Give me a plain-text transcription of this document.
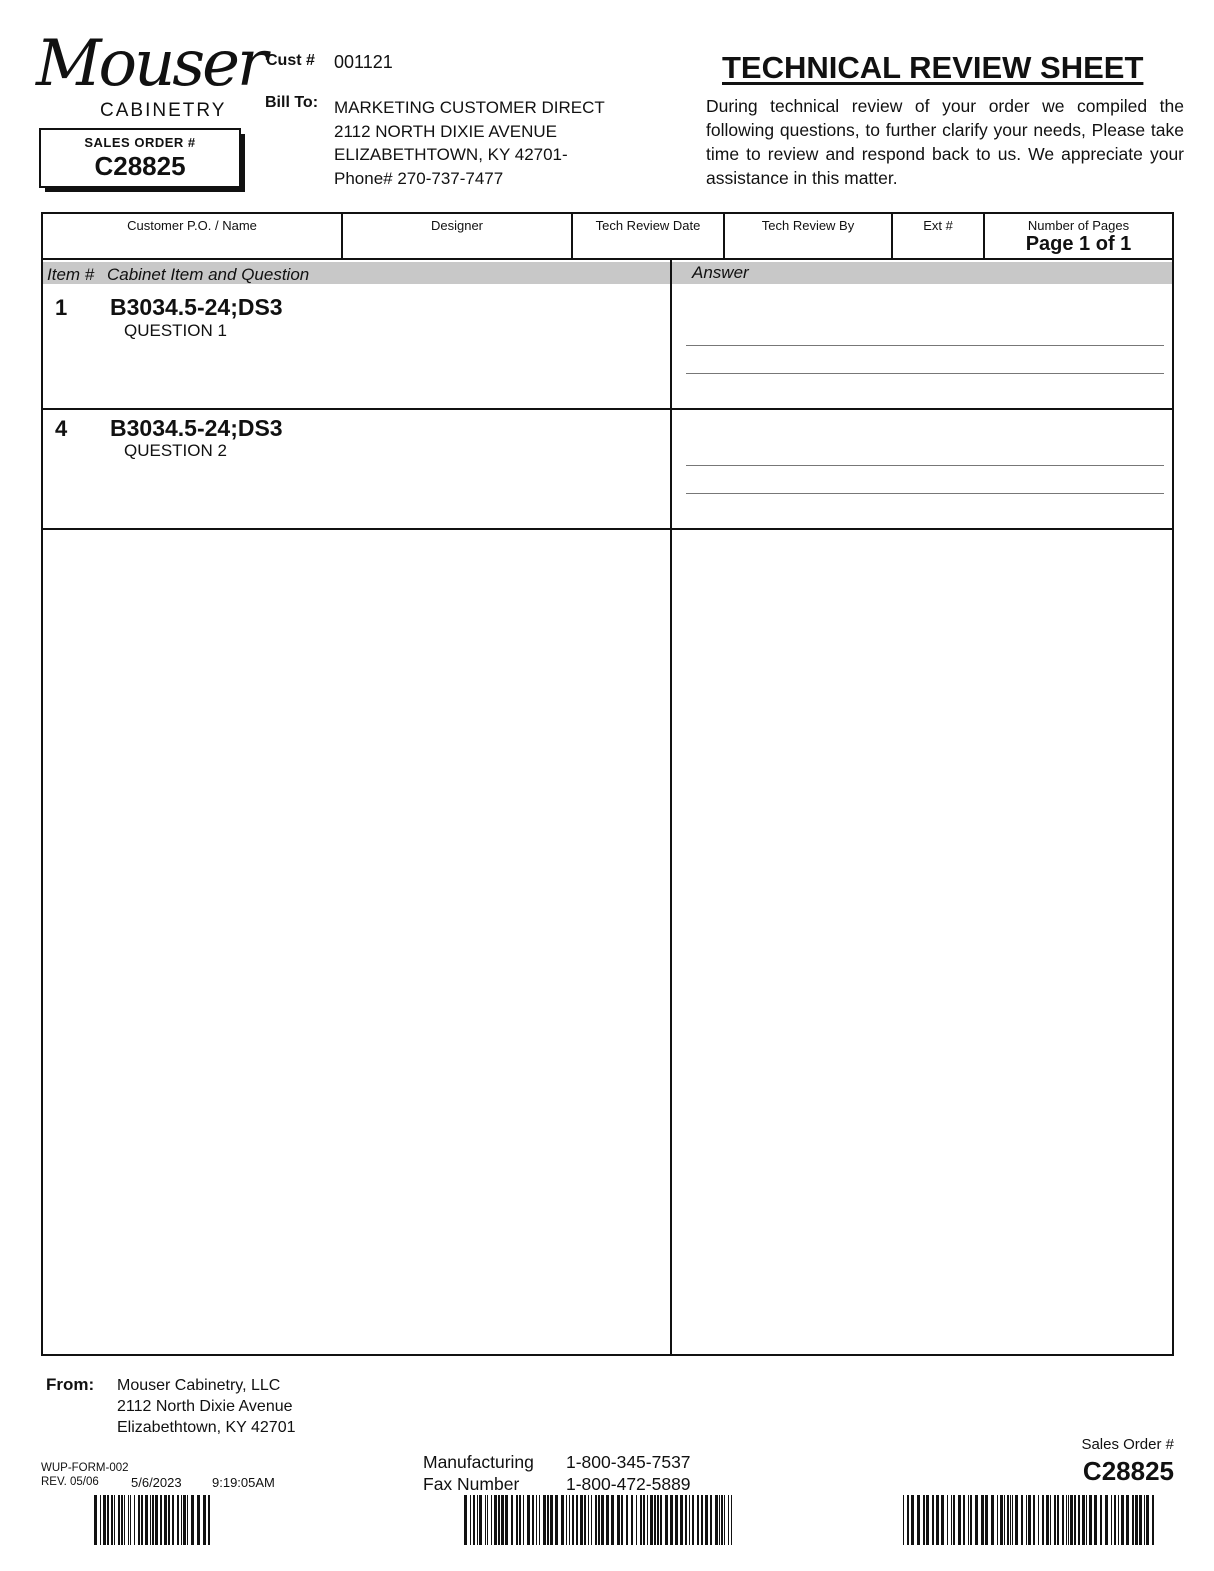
Mouser
CABINETRY
SALES ORDER #
C28825
Cust # 001121
Bill To: MARKETING CUSTOMER DIRECT
2112 NORTH DIXIE AVENUE
ELIZABETHTOWN, KY 42701-
Phone# 270-737-7477
TECHNICAL REVIEW SHEET
During technical review of your order we compiled the following questions, to further clarify your needs, Please take time to review and respond back to us. We appreciate your assistance in this matter.
Customer P.O. / Name	Designer	Tech Review Date	Tech Review By	Ext #	Number of Pages
Page 1 of 1
Item # Cabinet Item and Question	Answer
1 B3034.5-24;DS3
QUESTION 1
4 B3034.5-24;DS3
QUESTION 2
From: Mouser Cabinetry, LLC
2112 North Dixie Avenue
Elizabethtown, KY 42701
WUP-FORM-002
REV. 05/06 5/6/2023 9:19:05AM
Manufacturing 1-800-345-7537
Fax Number	1-800-472-5889
Sales Order #
C28825
